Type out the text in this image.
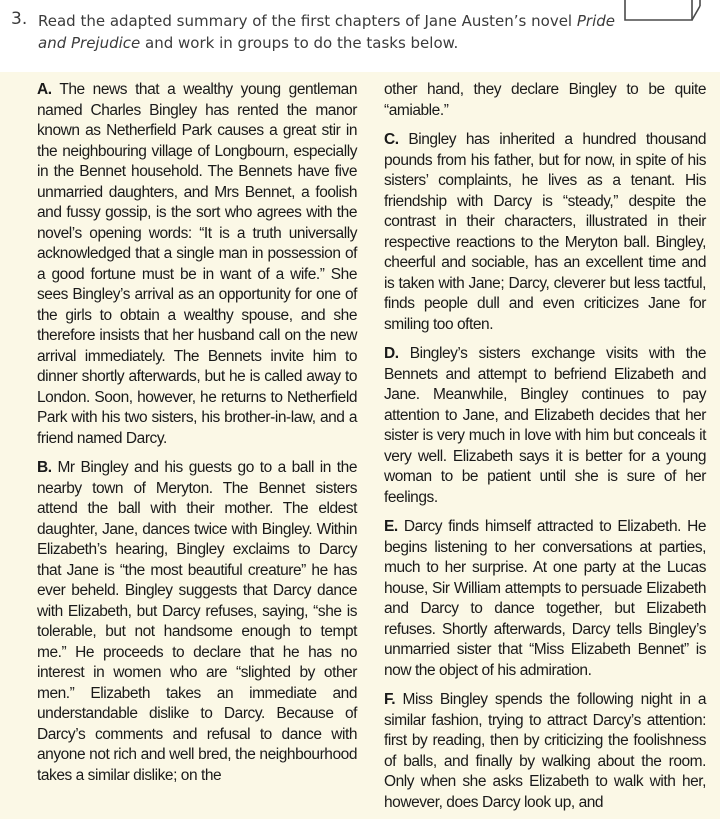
3. Read the adapted summary of the first chapters of Jane Austen’s novel Pride and Prejudice and work in groups to do the tasks below.

A. The news that a wealthy young gentleman named Charles Bingley has rented the manor known as Netherfield Park causes a great stir in the neighbouring village of Longbourn, especially in the Bennet household. The Bennets have five unmarried daughters, and Mrs Bennet, a foolish and fussy gossip, is the sort who agrees with the novel’s opening words: “It is a truth universally acknowledged that a single man in possession of a good fortune must be in want of a wife.” She sees Bingley’s arrival as an opportunity for one of the girls to obtain a wealthy spouse, and she therefore insists that her husband call on the new arrival immediately. The Bennets invite him to dinner shortly afterwards, but he is called away to London. Soon, however, he returns to Netherfield Park with his two sisters, his brother-in-law, and a friend named Darcy.

B. Mr Bingley and his guests go to a ball in the nearby town of Meryton. The Bennet sisters attend the ball with their mother. The eldest daughter, Jane, dances twice with Bingley. Within Elizabeth’s hearing, Bingley exclaims to Darcy that Jane is “the most beautiful creature” he has ever beheld. Bingley suggests that Darcy dance with Elizabeth, but Darcy refuses, saying, “she is tolerable, but not handsome enough to tempt me.” He proceeds to declare that he has no interest in women who are “slighted by other men.” Elizabeth takes an immediate and understandable dislike to Darcy. Because of Darcy’s comments and refusal to dance with anyone not rich and well bred, the neighbourhood takes a similar dislike; on the

other hand, they declare Bingley to be quite “amiable.”

C. Bingley has inherited a hundred thousand pounds from his father, but for now, in spite of his sisters’ complaints, he lives as a tenant. His friendship with Darcy is “steady,” despite the contrast in their characters, illustrated in their respective reactions to the Meryton ball. Bingley, cheerful and sociable, has an excellent time and is taken with Jane; Darcy, cleverer but less tactful, finds people dull and even criticizes Jane for smiling too often.

D. Bingley’s sisters exchange visits with the Bennets and attempt to befriend Elizabeth and Jane. Meanwhile, Bingley continues to pay attention to Jane, and Elizabeth decides that her sister is very much in love with him but conceals it very well. Elizabeth says it is better for a young woman to be patient until she is sure of her feelings.

E. Darcy finds himself attracted to Elizabeth. He begins listening to her conversations at parties, much to her surprise. At one party at the Lucas house, Sir William attempts to persuade Elizabeth and Darcy to dance together, but Elizabeth refuses. Shortly afterwards, Darcy tells Bingley’s unmarried sister that “Miss Elizabeth Bennet” is now the object of his admiration.

F. Miss Bingley spends the following night in a similar fashion, trying to attract Darcy’s attention: first by reading, then by criticizing the foolishness of balls, and finally by walking about the room. Only when she asks Elizabeth to walk with her, however, does Darcy look up, and
